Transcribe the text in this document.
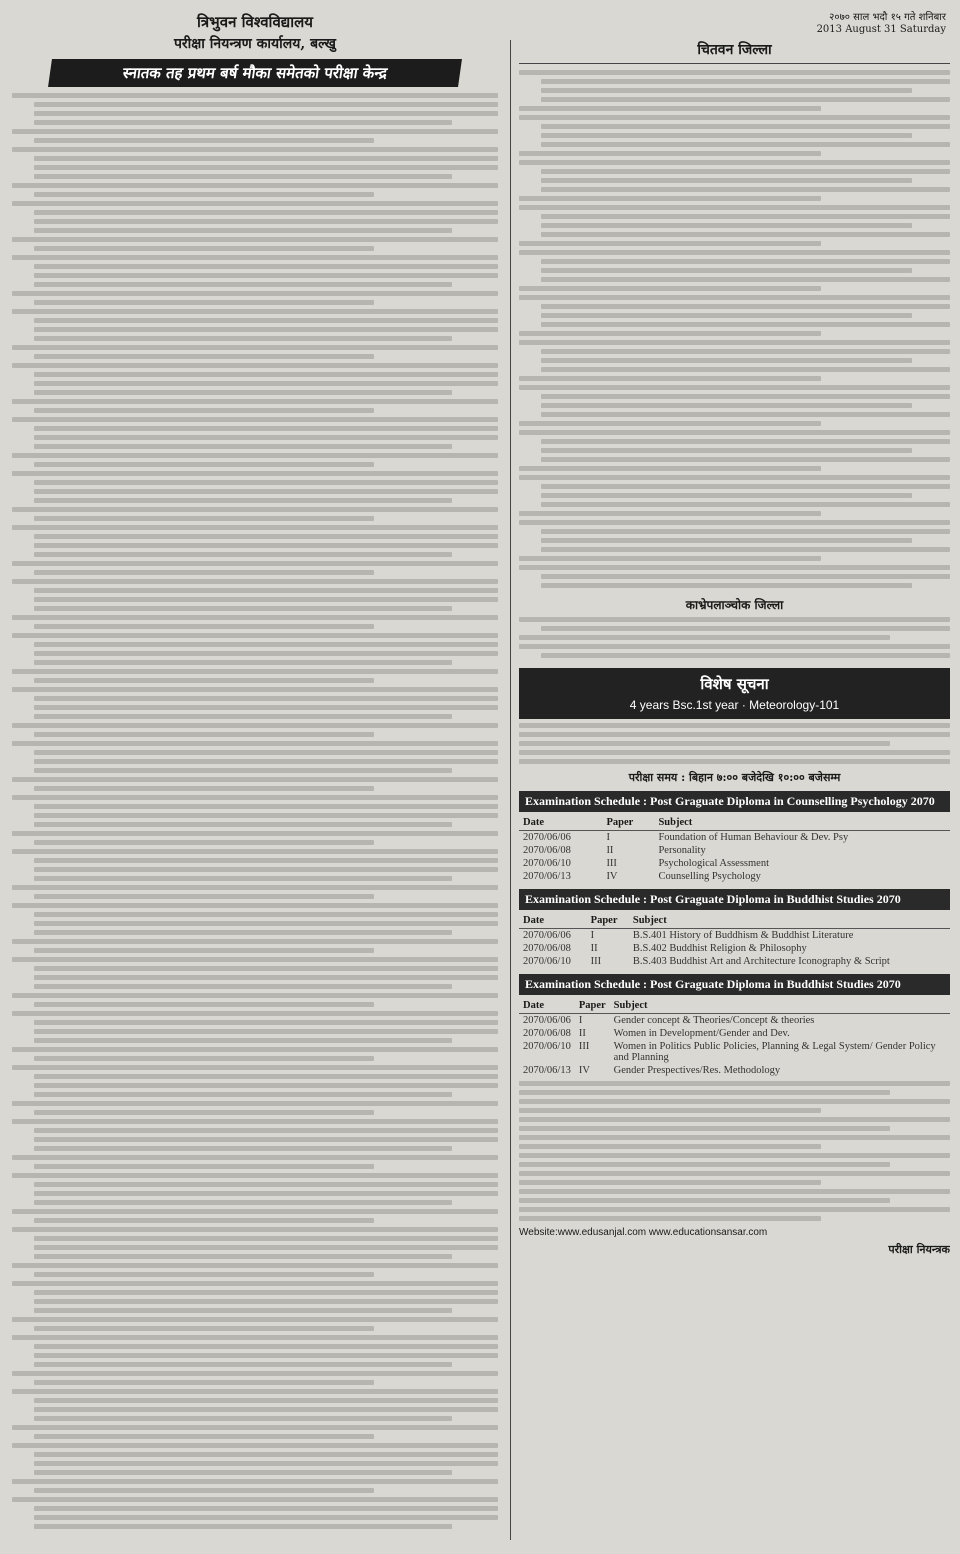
२०७० साल भदौ १५ गते शनिबार
2013 August 31 Saturday
त्रिभुवन विश्वविद्यालय
परीक्षा नियन्त्रण कार्यालय, बल्खु
स्नातक तह प्रथम बर्ष मौका समेतको परीक्षा केन्द्र
चितवन जिल्ला
काभ्रेपलाञ्चोक जिल्ला
विशेष सूचना
4 years Bsc.1st year · Meteorology-101
परीक्षा समय : बिहान ७:०० बजेदेखि १०:०० बजेसम्म
Examination Schedule : Post Graguate Diploma in Counselling Psychology 2070
Date	Paper	Subject
2070/06/06	I	Foundation of Human Behaviour & Dev. Psy
2070/06/08	II	Personality
2070/06/10	III	Psychological Assessment
2070/06/13	IV	Counselling Psychology
Examination Schedule : Post Graguate Diploma in Buddhist Studies 2070
Date	Paper	Subject
2070/06/06	I	B.S.401 History of Buddhism & Buddhist Literature
2070/06/08	II	B.S.402 Buddhist Religion & Philosophy
2070/06/10	III	B.S.403 Buddhist Art and Architecture Iconography & Script
Examination Schedule : Post Graguate Diploma in Buddhist Studies 2070
Date	Paper	Subject
2070/06/06	I	Gender concept & Theories/Concept & theories
2070/06/08	II	Women in Development/Gender and Dev.
2070/06/10	III	Women in Politics Public Policies, Planning & Legal System/ Gender Policy and Planning
2070/06/13	IV	Gender Prespectives/Res. Methodology
Website:www.edusanjal.com www.educationsansar.com
परीक्षा नियन्त्रक
